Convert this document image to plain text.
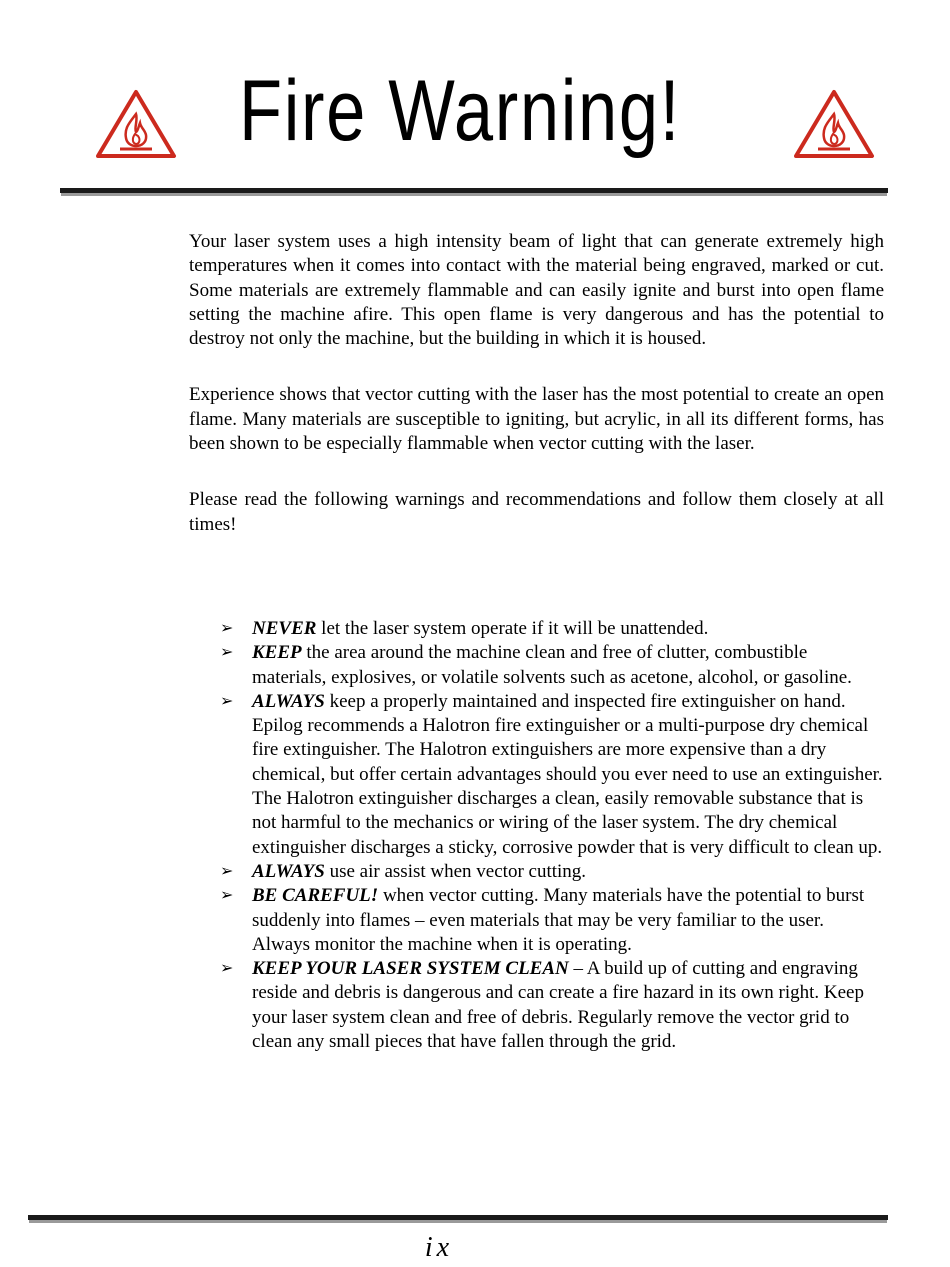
Fire Warning!

Your laser system uses a high intensity beam of light that can generate extremely high temperatures when it comes into contact with the material being engraved, marked or cut. Some materials are extremely flammable and can easily ignite and burst into open flame setting the machine afire. This open flame is very dangerous and has the potential to destroy not only the machine, but the building in which it is housed.

Experience shows that vector cutting with the laser has the most potential to create an open flame. Many materials are susceptible to igniting, but acrylic, in all its different forms, has been shown to be especially flammable when vector cutting with the laser.

Please read the following warnings and recommendations and follow them closely at all times!

➢ NEVER let the laser system operate if it will be unattended.
➢ KEEP the area around the machine clean and free of clutter, combustible materials, explosives, or volatile solvents such as acetone, alcohol, or gasoline.
➢ ALWAYS keep a properly maintained and inspected fire extinguisher on hand. Epilog recommends a Halotron fire extinguisher or a multi-purpose dry chemical fire extinguisher. The Halotron extinguishers are more expensive than a dry chemical, but offer certain advantages should you ever need to use an extinguisher. The Halotron extinguisher discharges a clean, easily removable substance that is not harmful to the mechanics or wiring of the laser system. The dry chemical extinguisher discharges a sticky, corrosive powder that is very difficult to clean up.
➢ ALWAYS use air assist when vector cutting.
➢ BE CAREFUL! when vector cutting. Many materials have the potential to burst suddenly into flames – even materials that may be very familiar to the user. Always monitor the machine when it is operating.
➢ KEEP YOUR LASER SYSTEM CLEAN – A build up of cutting and engraving reside and debris is dangerous and can create a fire hazard in its own right. Keep your laser system clean and free of debris. Regularly remove the vector grid to clean any small pieces that have fallen through the grid.
ix
